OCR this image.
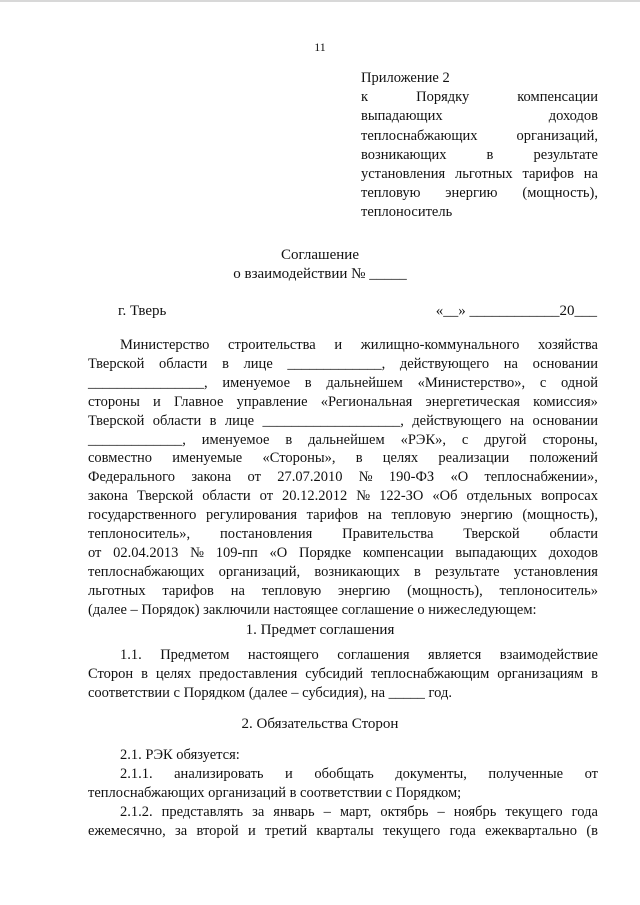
11
Приложение 2
к	Порядку	компенсации
выпадающих	доходов
теплоснабжающих	организаций,
возникающих	в	результате
установления льготных тарифов на
тепловую энергию (мощность),
теплоноситель
Соглашение
о взаимодействии № _____
г. Тверь	«__» ____________20___
Министерство строительства и жилищно-коммунального хозяйства
Тверской области в лице _____________, действующего на основании
________________, именуемое в дальнейшем «Министерство», с одной
стороны и Главное управление «Региональная энергетическая комиссия»
Тверской области в лице ___________________, действующего на основании
_____________, именуемое в дальнейшем «РЭК», с другой стороны,
совместно именуемые «Стороны», в целях реализации положений
Федерального закона от 27.07.2010 № 190-ФЗ «О теплоснабжении»,
закона Тверской области от 20.12.2012 № 122-ЗО «Об отдельных вопросах
государственного регулирования тарифов на тепловую энергию (мощность),
теплоноситель», постановления Правительства Тверской области
от 02.04.2013 № 109-пп «О Порядке компенсации выпадающих доходов
теплоснабжающих организаций, возникающих в результате установления
льготных тарифов на тепловую энергию (мощность), теплоноситель»
(далее – Порядок) заключили настоящее соглашение о нижеследующем:
1. Предмет соглашения
1.1. Предметом настоящего соглашения является взаимодействие
Сторон в целях предоставления субсидий теплоснабжающим организациям в
соответствии с Порядком (далее – субсидия), на _____ год.
2. Обязательства Сторон
2.1. РЭК обязуется:
2.1.1. анализировать и обобщать документы, полученные от
теплоснабжающих организаций в соответствии с Порядком;
2.1.2. представлять за январь – март, октябрь – ноябрь текущего года
ежемесячно, за второй и третий кварталы текущего года ежеквартально (в
